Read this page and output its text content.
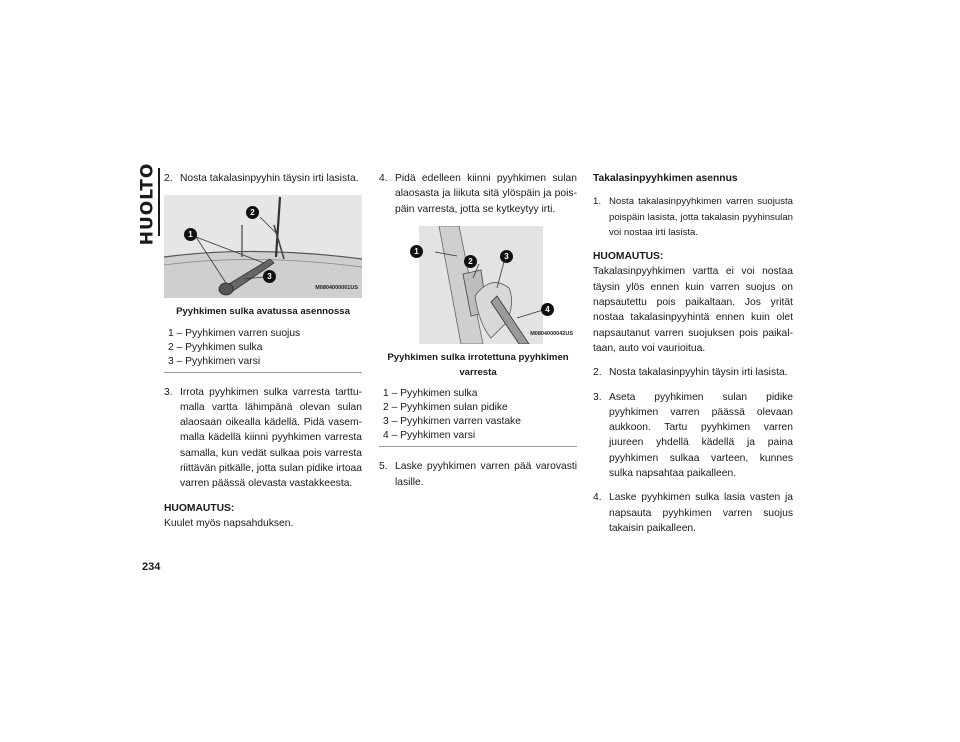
HUOLTO 2. Nosta takalasinpyyhin täysin irti lasista.
1
2
3
M0804000061US
Pyyhkimen sulka avatussa asennossa
1 – Pyyhkimen varren suojus
2 – Pyyhkimen sulka
3 – Pyyhkimen varsi
3. Irrota pyyhkimen sulka varresta tarttumalla vartta lähimpänä olevan sulan alaosaan oikealla kädellä. Pidä vasemmalla kädellä kiinni pyyhkimen varresta samalla, kun vedät sulkaa pois varresta riittävän pitkälle, jotta sulan pidike irtoaa varren päässä olevasta vastakkeesta.
HUOMAUTUS:
Kuulet myös napsahduksen.
4. Pidä edelleen kiinni pyyhkimen sulan alaosasta ja liikuta sitä ylöspäin ja poispäin varresta, jotta se kytkeytyy irti.
1
2
3
4
M0804000042US
Pyyhkimen sulka irrotettuna pyyhkimen varresta
1 – Pyyhkimen sulka
2 – Pyyhkimen sulan pidike
3 – Pyyhkimen varren vastake
4 – Pyyhkimen varsi
5. Laske pyyhkimen varren pää varovasti lasille.
Takalasinpyyhkimen asennus
1. Nosta takalasinpyyhkimen varren suojusta poispäin lasista, jotta takalasin pyyhinsulan voi nostaa irti lasista.
HUOMAUTUS:
Takalasinpyyhkimen vartta ei voi nostaa täysin ylös ennen kuin varren suojus on napsautettu pois paikaltaan. Jos yrität nostaa takalasinpyyhintä ennen kuin olet napsautanut varren suojuksen pois paikaltaan, auto voi vaurioitua.
2. Nosta takalasinpyyhin täysin irti lasista.
3. Aseta pyyhkimen sulan pidike pyyhkimen varren päässä olevaan aukkoon. Tartu pyyhkimen varren juureen yhdellä kädellä ja paina pyyhkimen sulkaa varteen, kunnes sulka napsahtaa paikalleen.
4. Laske pyyhkimen sulka lasia vasten ja napsauta pyyhkimen varren suojus takaisin paikalleen.
234
